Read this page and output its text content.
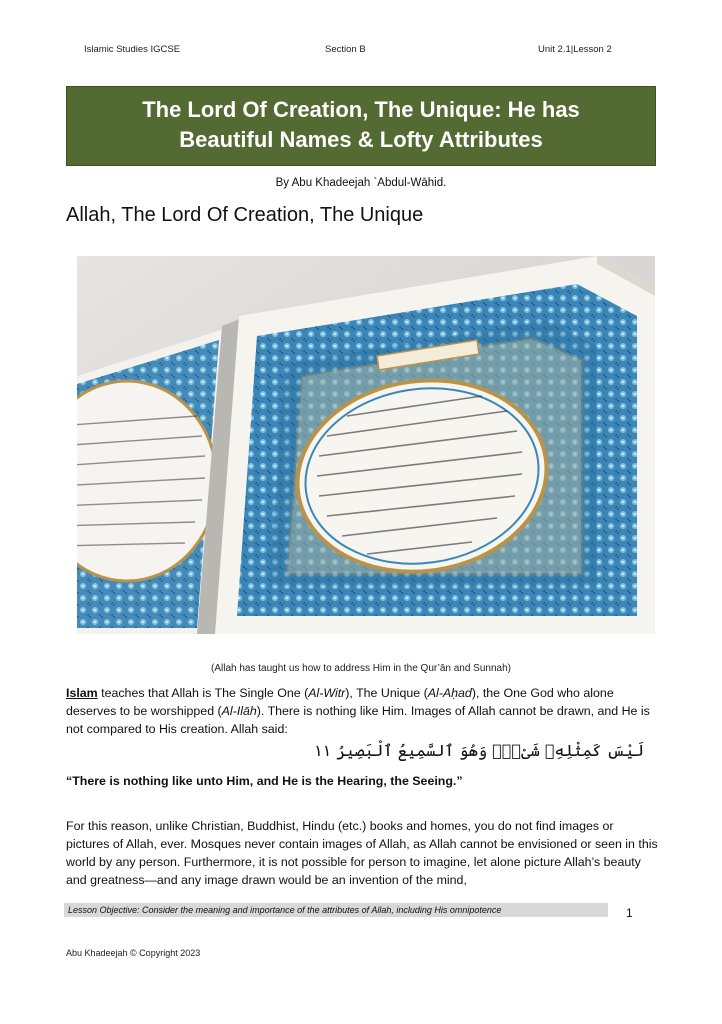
Islamic Studies IGCSE	Section B	Unit 2.1|Lesson 2
The Lord Of Creation, The Unique: He has
Beautiful Names & Lofty Attributes
By Abu Khadeejah `Abdul-Wāhid.
Allah, The Lord Of Creation, The Unique
(Allah has taught us how to address Him in the Qur’ān and Sunnah)
Islam teaches that Allah is The Single One (Al-Witr), The Unique (Al-Aḥad), the One God who alone deserves to be worshipped (Al-Ilāh). There is nothing like Him. Images of Allah cannot be drawn, and He is not compared to His creation. Allah said:
لَيْسَ كَمِثْلِهِۦ شَىْءٌۖ وَهُوَ ٱلسَّمِيعُ ٱلْبَصِيرُ ١١
“There is nothing like unto Him, and He is the Hearing, the Seeing.”
For this reason, unlike Christian, Buddhist, Hindu (etc.) books and homes, you do not find images or pictures of Allah, ever. Mosques never contain images of Allah, as Allah cannot be envisioned or seen in this world by any person. Furthermore, it is not possible for person to imagine, let alone picture Allah’s beauty and greatness—and any image drawn would be an invention of the mind,
Lesson Objective: Consider the meaning and importance of the attributes of Allah, including His omnipotence	1
Abu Khadeejah © Copyright 2023
